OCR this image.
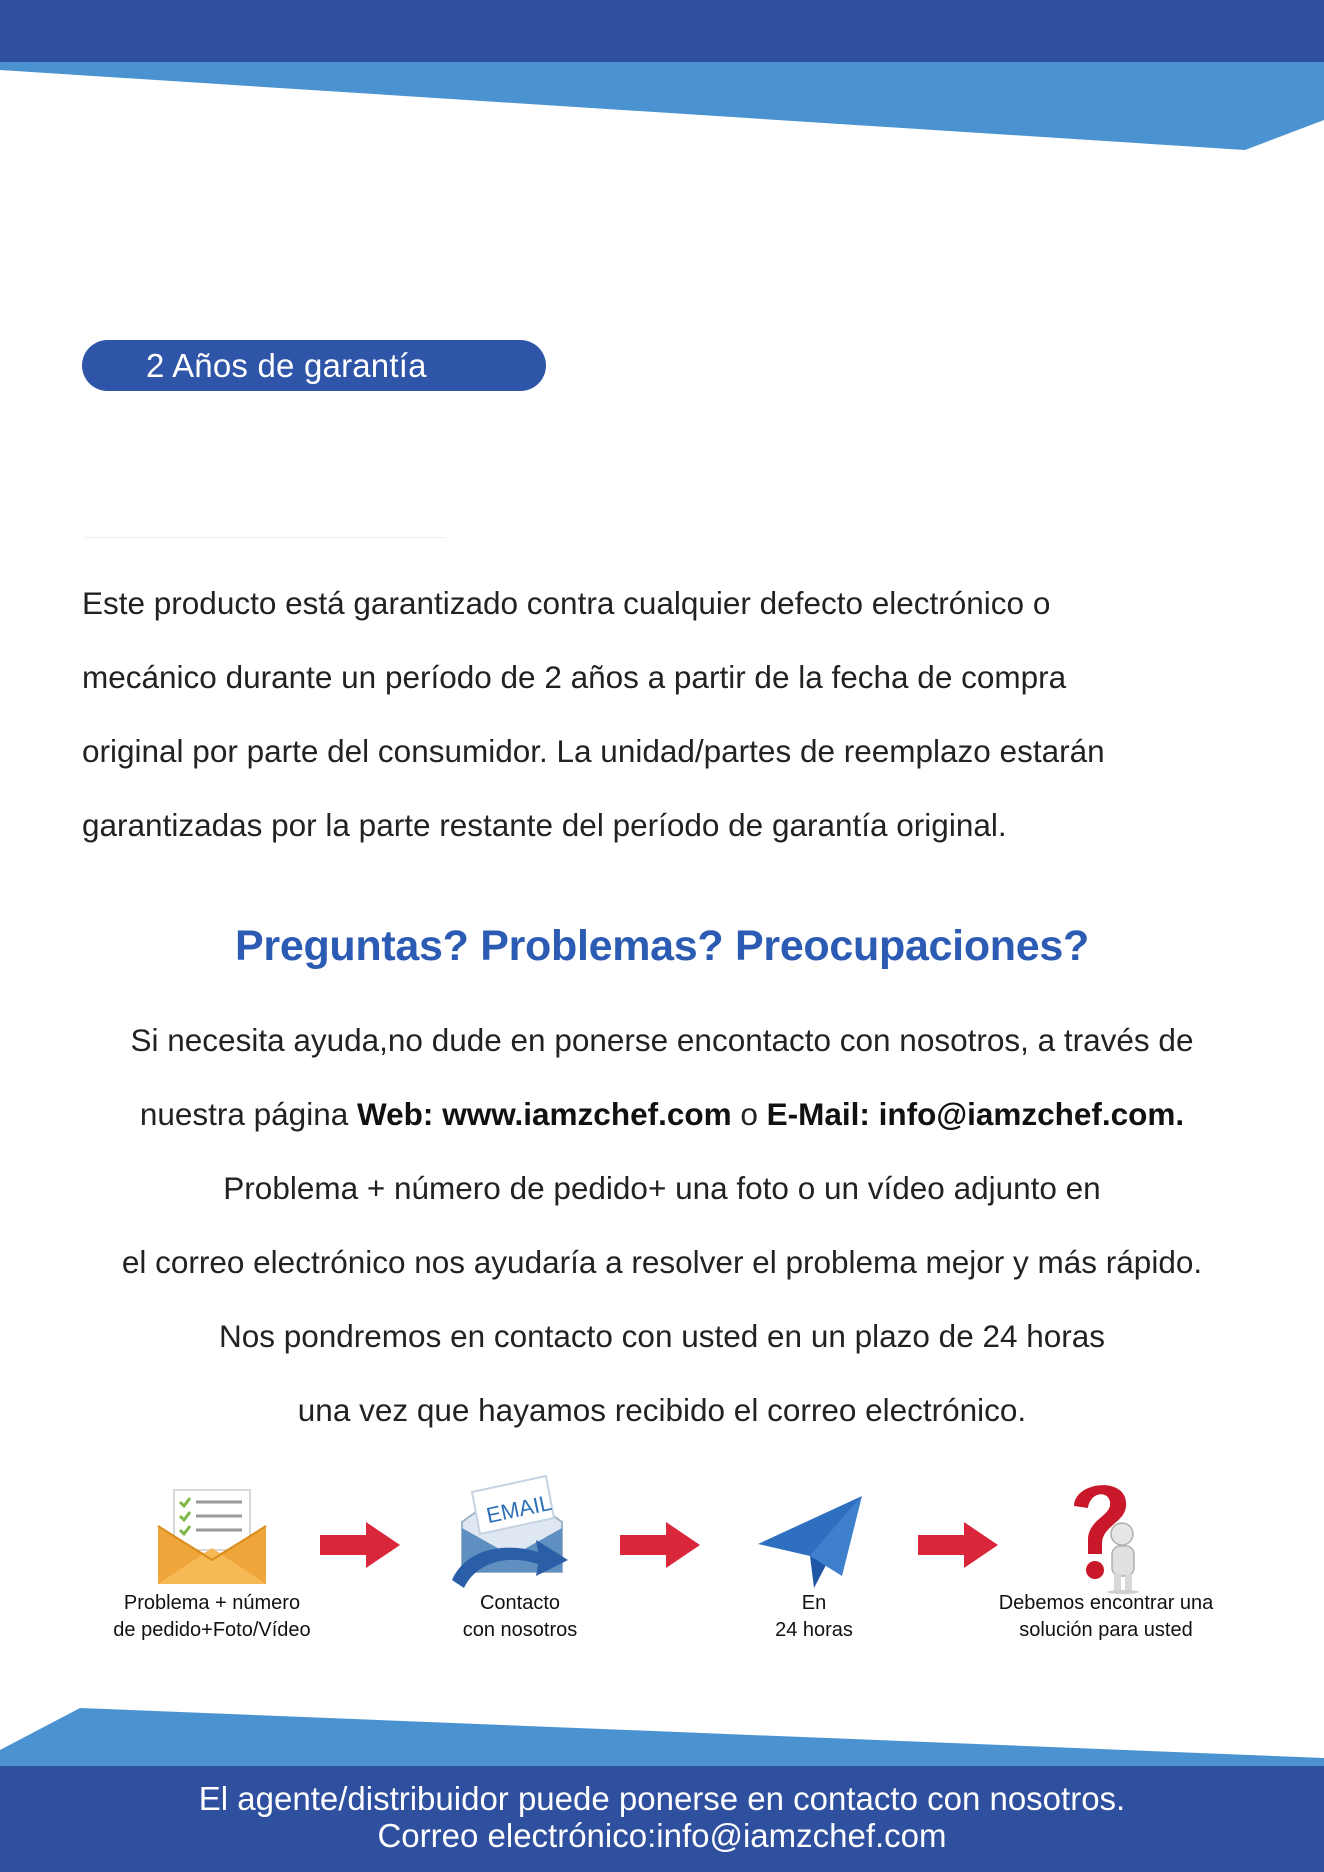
2 Años de garantía
Este producto está garantizado contra cualquier defecto electrónico o
mecánico durante un período de 2 años a partir de la fecha de compra
original por parte del consumidor. La unidad/partes de reemplazo estarán
garantizadas por la parte restante del período de garantía original.
Preguntas? Problemas? Preocupaciones?
Si necesita ayuda,no dude en ponerse encontacto con nosotros, a través de
nuestra página Web: www.iamzchef.com o E-Mail: info@iamzchef.com.
Problema + número de pedido+ una foto o un vídeo adjunto en
el correo electrónico nos ayudaría a resolver el problema mejor y más rápido.
Nos pondremos en contacto con usted en un plazo de 24 horas
una vez que hayamos recibido el correo electrónico.
Problema + número
de pedido+Foto/Vídeo
EMAIL
Contacto
con nosotros
En
24 horas
Debemos encontrar una
solución para usted
El agente/distribuidor puede ponerse en contacto con nosotros.
Correo electrónico:info@iamzchef.com
